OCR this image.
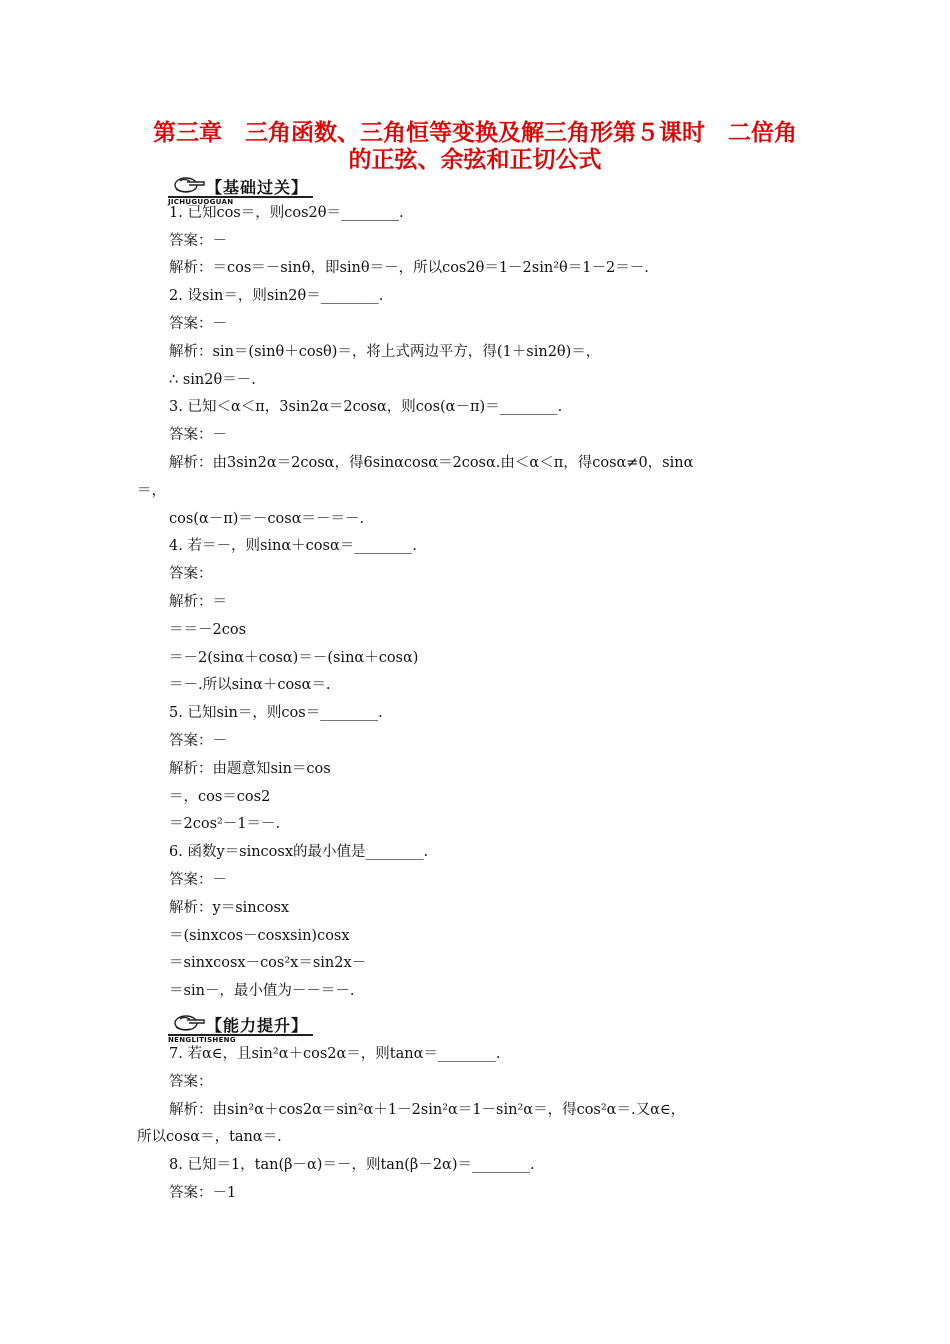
第三章　三角函数、三角恒等变换及解三角形第５课时　二倍角
的正弦、余弦和正切公式
【基础过关】
JICHUGUOGUAN
【能力提升】
NENGLITISHENG
1. 已知cos＝，则cos2θ＝________.
答案：－
解析：＝cos＝－sinθ，即sinθ＝－，所以cos2θ＝1－2sin²θ＝1－2＝－.
2. 设sin＝，则sin2θ＝________.
答案：－
解析：sin＝(sinθ＋cosθ)＝，将上式两边平方，得(1＋sin2θ)＝，
∴ sin2θ＝－.
3. 已知＜α＜π，3sin2α＝2cosα，则cos(α－π)＝________.
答案：－
解析：由3sin2α＝2cosα，得6sinαcosα＝2cosα.由＜α＜π，得cosα≠0，sinα
＝，
cos(α－π)＝－cosα＝－＝－.
4. 若＝－，则sinα＋cosα＝________.
答案：
解析：＝
＝＝－2cos
＝－2(sinα＋cosα)＝－(sinα＋cosα)
＝－.所以sinα＋cosα＝.
5. 已知sin＝，则cos＝________.
答案：－
解析：由题意知sin＝cos
＝，cos＝cos2
＝2cos²－1＝－.
6. 函数y＝sincosx的最小值是________.
答案：－
解析：y＝sincosx
＝(sinxcos－cosxsin)cosx
＝sinxcosx－cos²x＝sin2x－
＝sin－，最小值为－－＝－.
7. 若α∈，且sin²α＋cos2α＝，则tanα＝________.
答案：
解析：由sin²α＋cos2α＝sin²α＋1－2sin²α＝1－sin²α＝，得cos²α＝.又α∈，
所以cosα＝，tanα＝.
8. 已知＝1，tan(β－α)＝－，则tan(β－2α)＝________.
答案：－1
